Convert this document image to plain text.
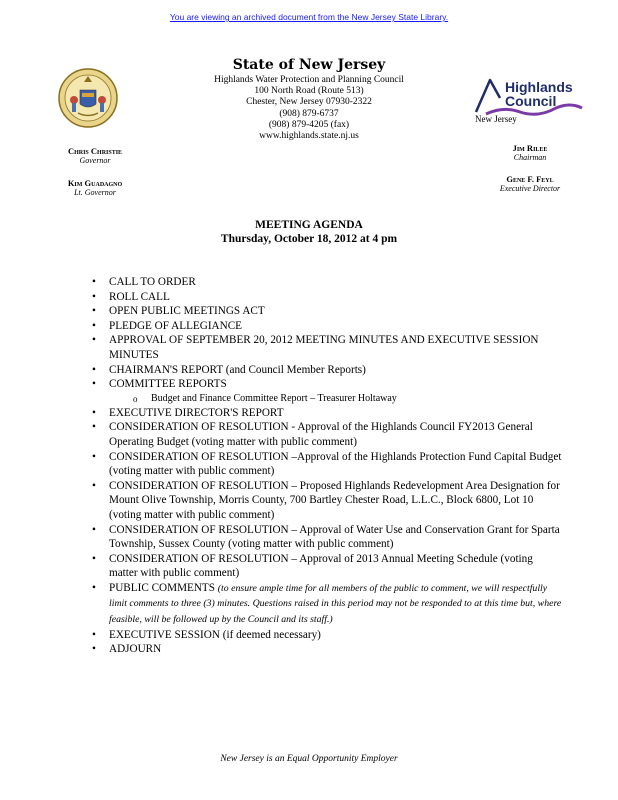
You are viewing an archived document from the New Jersey State Library.
Chris Christie
Governor
Kim Guadagno
Lt. Governor
State of New Jersey
Highlands Water Protection and Planning Council
100 North Road (Route 513)
Chester, New Jersey 07930-2322
(908) 879-6737
(908) 879-4205 (fax)
www.highlands.state.nj.us
Highlands
Council
New Jersey
Jim Rilee
Chairman
Gene F. Feyl
Executive Director
MEETING AGENDA
Thursday, October 18, 2012 at 4 pm
• CALL TO ORDER
• ROLL CALL
• OPEN PUBLIC MEETINGS ACT
• PLEDGE OF ALLEGIANCE
• APPROVAL OF SEPTEMBER 20, 2012 MEETING MINUTES AND EXECUTIVE SESSION MINUTES
• CHAIRMAN'S REPORT (and Council Member Reports)
• COMMITTEE REPORTS
o Budget and Finance Committee Report – Treasurer Holtaway
• EXECUTIVE DIRECTOR'S REPORT
• CONSIDERATION OF RESOLUTION - Approval of the Highlands Council FY2013 General Operating Budget (voting matter with public comment)
• CONSIDERATION OF RESOLUTION –Approval of the Highlands Protection Fund Capital Budget (voting matter with public comment)
• CONSIDERATION OF RESOLUTION – Proposed Highlands Redevelopment Area Designation for Mount Olive Township, Morris County, 700 Bartley Chester Road, L.L.C., Block 6800, Lot 10 (voting matter with public comment)
• CONSIDERATION OF RESOLUTION – Approval of Water Use and Conservation Grant for Sparta Township, Sussex County (voting matter with public comment)
• CONSIDERATION OF RESOLUTION – Approval of 2013 Annual Meeting Schedule (voting matter with public comment)
• PUBLIC COMMENTS (to ensure ample time for all members of the public to comment, we will respectfully limit comments to three (3) minutes. Questions raised in this period may not be responded to at this time but, where feasible, will be followed up by the Council and its staff.)
• EXECUTIVE SESSION (if deemed necessary)
• ADJOURN
New Jersey is an Equal Opportunity Employer
